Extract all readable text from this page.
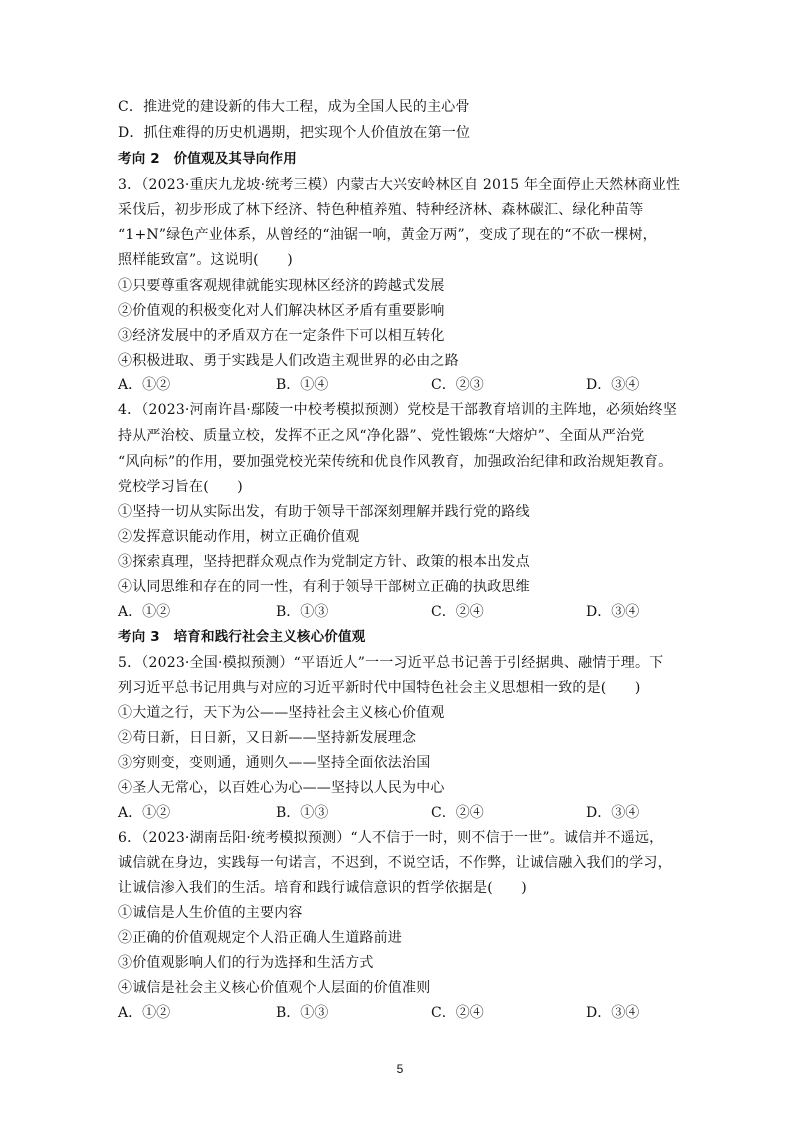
C．推进党的建设新的伟大工程，成为全国人民的主心骨
D．抓住难得的历史机遇期，把实现个人价值放在第一位
考向 2　价值观及其导向作用
3．（2023·重庆九龙坡·统考三模）内蒙古大兴安岭林区自 2015 年全面停止天然林商业性
采伐后，初步形成了林下经济、特色种植养殖、特种经济林、森林碳汇、绿化种苗等
“1+N”绿色产业体系，从曾经的“油锯一响，黄金万两”，变成了现在的“不砍一棵树，
照样能致富”。这说明(　　)
①只要尊重客观规律就能实现林区经济的跨越式发展
②价值观的积极变化对人们解决林区矛盾有重要影响
③经济发展中的矛盾双方在一定条件下可以相互转化
④积极进取、勇于实践是人们改造主观世界的必由之路
A．①②	B．①④	C．②③	D．③④
4．（2023·河南许昌·鄢陵一中校考模拟预测）党校是干部教育培训的主阵地，必须始终坚
持从严治校、质量立校，发挥不正之风“净化器”、党性锻炼“大熔炉”、全面从严治党
“风向标”的作用，要加强党校光荣传统和优良作风教育，加强政治纪律和政治规矩教育。
党校学习旨在(　　)
①坚持一切从实际出发，有助于领导干部深刻理解并践行党的路线
②发挥意识能动作用，树立正确价值观
③探索真理，坚持把群众观点作为党制定方针、政策的根本出发点
④认同思维和存在的同一性，有利于领导干部树立正确的执政思维
A．①②	B．①③	C．②④	D．③④
考向 3　培育和践行社会主义核心价值观
5．（2023·全国·模拟预测）“平语近人”一一习近平总书记善于引经据典、融情于理。下
列习近平总书记用典与对应的习近平新时代中国特色社会主义思想相一致的是(　　)
①大道之行，天下为公——坚持社会主义核心价值观
②苟日新，日日新，又日新——坚持新发展理念
③穷则变，变则通，通则久——坚持全面依法治国
④圣人无常心，以百姓心为心——坚持以人民为中心
A．①②	B．①③	C．②④	D．③④
6．（2023·湖南岳阳·统考模拟预测）“人不信于一时，则不信于一世”。诚信并不遥远，
诚信就在身边，实践每一句诺言，不迟到，不说空话，不作弊，让诚信融入我们的学习，
让诚信渗入我们的生活。培育和践行诚信意识的哲学依据是(　　)
①诚信是人生价值的主要内容
②正确的价值观规定个人沿正确人生道路前进
③价值观影响人们的行为选择和生活方式
④诚信是社会主义核心价值观个人层面的价值准则
A．①②	B．①③	C．②④	D．③④
5
